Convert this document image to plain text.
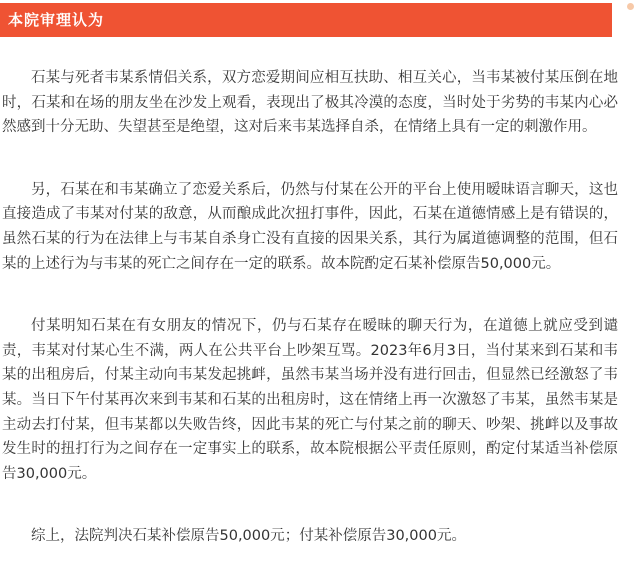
本院审理认为

石某与死者韦某系情侣关系，双方恋爱期间应相互扶助、相互关心，当韦某被付某压倒在地时，石某和在场的朋友坐在沙发上观看，表现出了极其冷漠的态度，当时处于劣势的韦某内心必然感到十分无助、失望甚至是绝望，这对后来韦某选择自杀，在情绪上具有一定的刺激作用。

另，石某在和韦某确立了恋爱关系后，仍然与付某在公开的平台上使用暧昧语言聊天，这也直接造成了韦某对付某的敌意，从而酿成此次扭打事件，因此，石某在道德情感上是有错误的，虽然石某的行为在法律上与韦某自杀身亡没有直接的因果关系，其行为属道德调整的范围，但石某的上述行为与韦某的死亡之间存在一定的联系。故本院酌定石某补偿原告50,000元。

付某明知石某在有女朋友的情况下，仍与石某存在暧昧的聊天行为，在道德上就应受到谴责，韦某对付某心生不满，两人在公共平台上吵架互骂。2023年6月3日，当付某来到石某和韦某的出租房后，付某主动向韦某发起挑衅，虽然韦某当场并没有进行回击，但显然已经激怒了韦某。当日下午付某再次来到韦某和石某的出租房时，这在情绪上再一次激怒了韦某，虽然韦某是主动去打付某，但韦某都以失败告终，因此韦某的死亡与付某之前的聊天、吵架、挑衅以及事故发生时的扭打行为之间存在一定事实上的联系，故本院根据公平责任原则，酌定付某适当补偿原告30,000元。

综上，法院判决石某补偿原告50,000元；付某补偿原告30,000元。
